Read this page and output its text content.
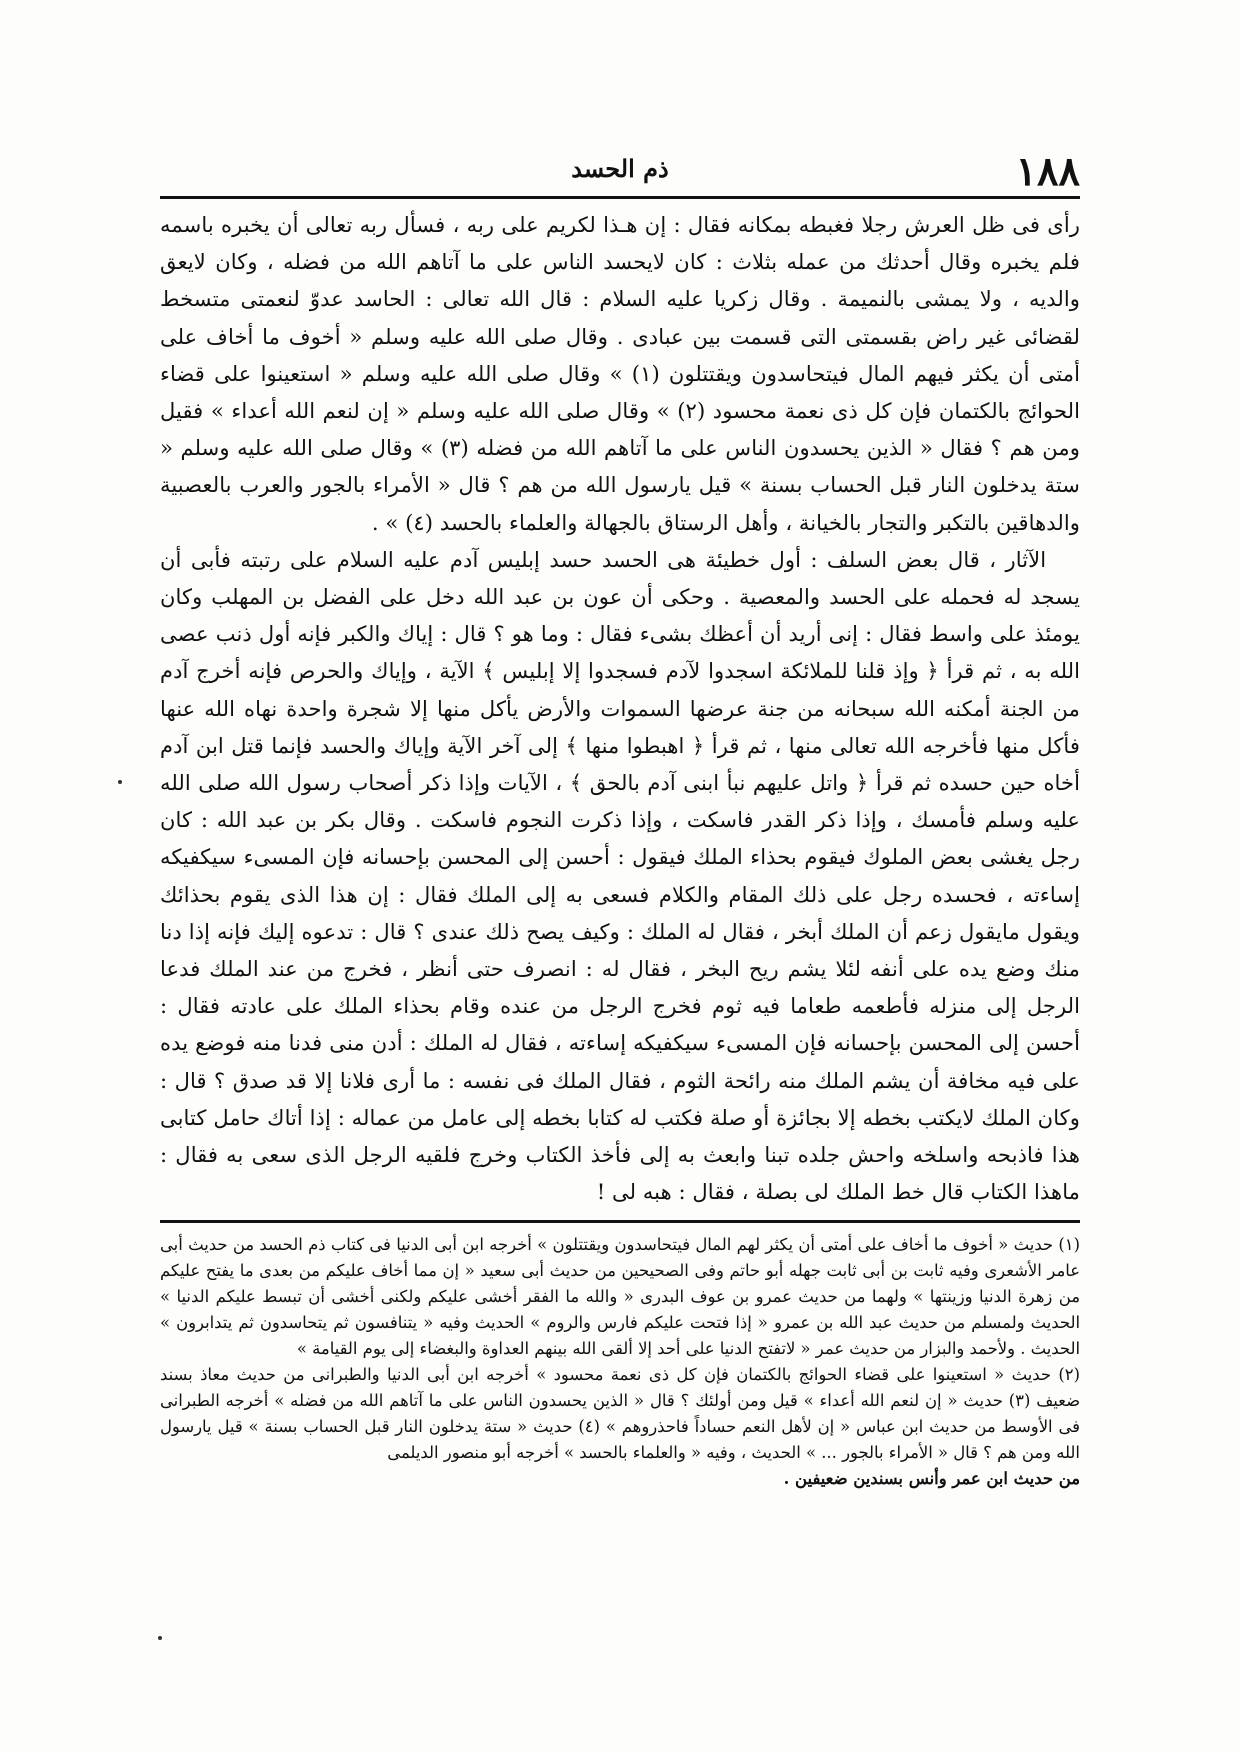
١٨٨
ذم الحسد

رأى فى ظل العرش رجلا فغبطه بمكانه فقال : إن هـذا لكريم على ربه ، فسأل ربه تعالى أن يخبره باسمه فلم يخبره وقال أحدثك من عمله بثلاث : كان لايحسد الناس على ما آتاهم الله من فضله ، وكان لايعق والديه ، ولا يمشى بالنميمة . وقال زكريا عليه السلام : قال الله تعالى : الحاسد عدوّ لنعمتى متسخط لقضائى غير راض بقسمتى التى قسمت بين عبادى . وقال صلى الله عليه وسلم « أخوف ما أخاف على أمتى أن يكثر فيهم المال فيتحاسدون ويقتتلون (١) » وقال صلى الله عليه وسلم « استعينوا على قضاء الحوائج بالكتمان فإن كل ذى نعمة محسود (٢) » وقال صلى الله عليه وسلم « إن لنعم الله أعداء » فقيل ومن هم ؟ فقال « الذين يحسدون الناس على ما آتاهم الله من فضله (٣) » وقال صلى الله عليه وسلم « ستة يدخلون النار قبل الحساب بسنة » قيل يارسول الله من هم ؟ قال « الأمراء بالجور والعرب بالعصبية والدهاقين بالتكبر والتجار بالخيانة ، وأهل الرستاق بالجهالة والعلماء بالحسد (٤) » .

الآثار ، قال بعض السلف : أول خطيئة هى الحسد حسد إبليس آدم عليه السلام على رتبته فأبى أن يسجد له فحمله على الحسد والمعصية . وحكى أن عون بن عبد الله دخل على الفضل بن المهلب وكان يومئذ على واسط فقال : إنى أريد أن أعظك بشىء فقال : وما هو ؟ قال : إياك والكبر فإنه أول ذنب عصى الله به ، ثم قرأ ﴿ وإذ قلنا للملائكة اسجدوا لآدم فسجدوا إلا إبليس ﴾ الآية ، وإياك والحرص فإنه أخرج آدم من الجنة أمكنه الله سبحانه من جنة عرضها السموات والأرض يأكل منها إلا شجرة واحدة نهاه الله عنها فأكل منها فأخرجه الله تعالى منها ، ثم قرأ ﴿ اهبطوا منها ﴾ إلى آخر الآية وإياك والحسد فإنما قتل ابن آدم أخاه حين حسده ثم قرأ ﴿ واتل عليهم نبأ ابنى آدم بالحق ﴾ ، الآيات وإذا ذكر أصحاب رسول الله صلى الله عليه وسلم فأمسك ، وإذا ذكر القدر فاسكت ، وإذا ذكرت النجوم فاسكت . وقال بكر بن عبد الله : كان رجل يغشى بعض الملوك فيقوم بحذاء الملك فيقول : أحسن إلى المحسن بإحسانه فإن المسىء سيكفيكه إساءته ، فحسده رجل على ذلك المقام والكلام فسعى به إلى الملك فقال : إن هذا الذى يقوم بحذائك ويقول مايقول زعم أن الملك أبخر ، فقال له الملك : وكيف يصح ذلك عندى ؟ قال : تدعوه إليك فإنه إذا دنا منك وضع يده على أنفه لئلا يشم ريح البخر ، فقال له : انصرف حتى أنظر ، فخرج من عند الملك فدعا الرجل إلى منزله فأطعمه طعاما فيه ثوم فخرج الرجل من عنده وقام بحذاء الملك على عادته فقال : أحسن إلى المحسن بإحسانه فإن المسىء سيكفيكه إساءته ، فقال له الملك : أدن منى فدنا منه فوضع يده على فيه مخافة أن يشم الملك منه رائحة الثوم ، فقال الملك فى نفسه : ما أرى فلانا إلا قد صدق ؟ قال : وكان الملك لايكتب بخطه إلا بجائزة أو صلة فكتب له كتابا بخطه إلى عامل من عماله : إذا أتاك حامل كتابى هذا فاذبحه واسلخه واحش جلده تبنا وابعث به إلى فأخذ الكتاب وخرج فلقيه الرجل الذى سعى به فقال : ماهذا الكتاب قال خط الملك لى بصلة ، فقال : هبه لى !

(١) حديث « أخوف ما أخاف على أمتى أن يكثر لهم المال فيتحاسدون ويقتتلون » أخرجه ابن أبى الدنيا فى كتاب ذم الحسد من حديث أبى عامر الأشعرى وفيه ثابت بن أبى ثابت جهله أبو حاتم وفى الصحيحين من حديث أبى سعيد « إن مما أخاف عليكم من بعدى ما يفتح عليكم من زهرة الدنيا وزينتها » ولهما من حديث عمرو بن عوف البدرى « والله ما الفقر أخشى عليكم ولكنى أخشى أن تبسط عليكم الدنيا » الحديث ولمسلم من حديث عبد الله بن عمرو « إذا فتحت عليكم فارس والروم » الحديث وفيه « يتنافسون ثم يتحاسدون ثم يتدابرون » الحديث . ولأحمد والبزار من حديث عمر « لاتفتح الدنيا على أحد إلا ألقى الله بينهم العداوة والبغضاء إلى يوم القيامة »

(٢) حديث « استعينوا على قضاء الحوائج بالكتمان فإن كل ذى نعمة محسود » أخرجه ابن أبى الدنيا والطبرانى من حديث معاذ بسند ضعيف (٣) حديث « إن لنعم الله أعداء » قيل ومن أولئك ؟ قال « الذين يحسدون الناس على ما آتاهم الله من فضله » أخرجه الطبرانى فى الأوسط من حديث ابن عباس « إن لأهل النعم حساداً فاحذروهم » (٤) حديث « ستة يدخلون النار قبل الحساب بسنة » قيل يارسول الله ومن هم ؟ قال « الأمراء بالجور ... » الحديث ، وفيه « والعلماء بالحسد » أخرجه أبو منصور الديلمى

من حديث ابن عمر وأنس بسندين ضعيفين .
